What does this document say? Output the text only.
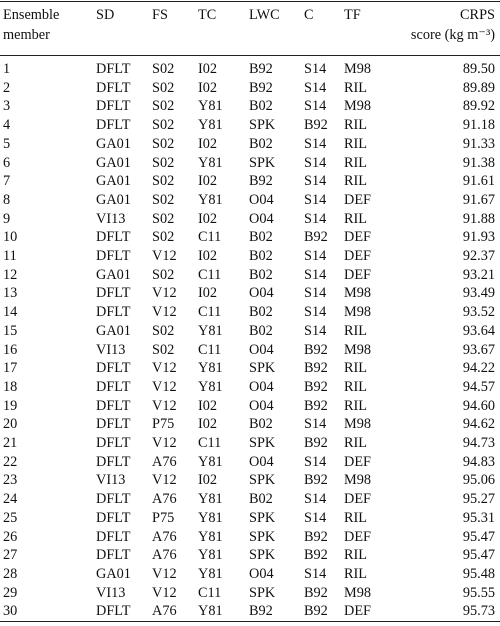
Ensemble
member
SD	FS TC LWC C TF	CRPS
score (kg m⁻³)
1	DFLT S02 I02 B92 S14 M98	89.50
2	DFLT S02 I02 B92 S14 RIL	89.89
3	DFLT S02 Y81 B02 S14 M98	89.92
4	DFLT S02 Y81 SPK B92 RIL	91.18
5	GA01 S02 I02 B02 S14 RIL	91.33
6	GA01 S02 Y81 SPK S14 RIL	91.38
7	GA01 S02 I02 B92 S14 RIL	91.61
8	GA01 S02 Y81 O04 S14 DEF	91.67
9	VI13 S02 I02 O04 S14 RIL	91.88
10	DFLT S02 C11 B02 B92 DEF	91.93
11	DFLT V12 I02 B02 S14 DEF	92.37
12	GA01 S02 C11 B02 S14 DEF	93.21
13	DFLT V12 I02 O04 S14 M98	93.49
14	DFLT V12 C11 B02 S14 M98	93.52
15	GA01 S02 Y81 B02 S14 RIL	93.64
16	VI13 S02 C11 O04 B92 M98	93.67
17	DFLT V12 Y81 SPK B92 RIL	94.22
18	DFLT V12 Y81 O04 B92 RIL	94.57
19	DFLT V12 I02 O04 B92 RIL	94.60
20	DFLT P75 I02 B02 S14 M98	94.62
21	DFLT V12 C11 SPK B92 RIL	94.73
22	DFLT A76 Y81 O04 S14 DEF	94.83
23	VI13 V12 I02 SPK B92 M98	95.06
24	DFLT A76 Y81 B02 S14 DEF	95.27
25	DFLT P75 Y81 SPK S14 RIL	95.31
26	DFLT A76 Y81 SPK B92 DEF	95.47
27	DFLT A76 Y81 SPK B92 RIL	95.47
28	GA01 V12 Y81 O04 S14 RIL	95.48
29	VI13 V12 C11 SPK B92 M98	95.55
30	DFLT A76 Y81 B92 B92 DEF	95.73
